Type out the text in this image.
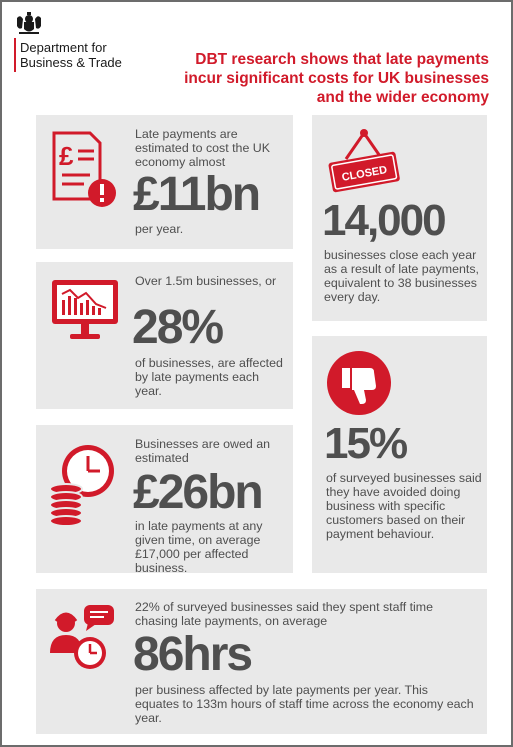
Department for
Business & Trade	DBT research shows that late payments incur significant costs for UK businesses and the wider economy
£
Late payments are estimated to cost the UK economy almost
£11bn
per year.
CLOSED
14,000
businesses close each year as a result of late payments, equivalent to 38 businesses every day.
Over 1.5m businesses, or
28%
of businesses, are affected by late payments each year.
15%
of surveyed businesses said they have avoided doing business with specific customers based on their payment behaviour.
Businesses are owed an estimated
£26bn
in late payments at any given time, on average £17,000 per affected business.
22% of surveyed businesses said they spent staff time chasing late payments, on average
86hrs
per business affected by late payments per year. This equates to 133m hours of staff time across the economy each year.
